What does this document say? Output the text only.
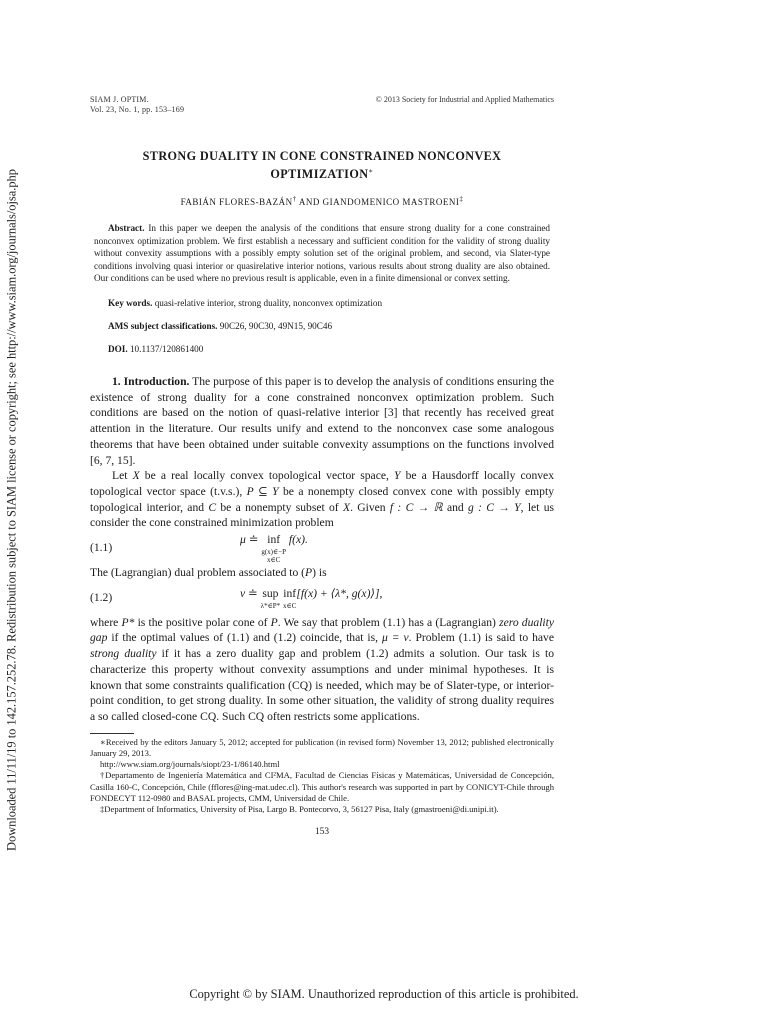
Downloaded 11/11/19 to 142.157.252.78. Redistribution subject to SIAM license or copyright; see http://www.siam.org/journals/ojsa.php
SIAM J. OPTIM.
Vol. 23, No. 1, pp. 153–169
© 2013 Society for Industrial and Applied Mathematics
STRONG DUALITY IN CONE CONSTRAINED NONCONVEX
OPTIMIZATION∗
FABIÁN FLORES-BAZÁN† AND GIANDOMENICO MASTROENI‡
Abstract. In this paper we deepen the analysis of the conditions that ensure strong duality for a cone constrained nonconvex optimization problem. We first establish a necessary and sufficient condition for the validity of strong duality without convexity assumptions with a possibly empty solution set of the original problem, and second, via Slater-type conditions involving quasi interior or quasirelative interior notions, various results about strong duality are also obtained. Our conditions can be used where no previous result is applicable, even in a finite dimensional or convex setting.
Key words. quasi-relative interior, strong duality, nonconvex optimization
AMS subject classifications. 90C26, 90C30, 49N15, 90C46
DOI. 10.1137/120861400

1. Introduction. The purpose of this paper is to develop the analysis of conditions ensuring the existence of strong duality for a cone constrained nonconvex optimization problem. Such conditions are based on the notion of quasi-relative interior [3] that recently has received great attention in the literature. Our results unify and extend to the nonconvex case some analogous theorems that have been obtained under suitable convexity assumptions on the functions involved [6, 7, 15].

Let X be a real locally convex topological vector space, Y be a Hausdorff locally convex topological vector space (t.v.s.), P ⊆ Y be a nonempty closed convex cone with possibly empty topological interior, and C be a nonempty subset of X. Given f : C → ℝ and g : C → Y, let us consider the cone constrained minimization problem

(1.1)
μ ≐ inf
g(x)∈−P
x∈C
f(x).

The (Lagrangian) dual problem associated to (P) is

(1.2)	ν ≐ sup
λ*∈P*
inf
x∈C
[f(x) + ⟨λ*, g(x)⟩],

where P* is the positive polar cone of P. We say that problem (1.1) has a (Lagrangian) zero duality gap if the optimal values of (1.1) and (1.2) coincide, that is, μ = ν. Problem (1.1) is said to have strong duality if it has a zero duality gap and problem (1.2) admits a solution. Our task is to characterize this property without convexity assumptions and under minimal hypotheses. It is known that some constraints qualification (CQ) is needed, which may be of Slater-type, or interior-point condition, to get strong duality. In some other situation, the validity of strong duality requires a so called closed-cone CQ. Such CQ often restricts some applications.

∗Received by the editors January 5, 2012; accepted for publication (in revised form) November 13, 2012; published electronically January 29, 2013.
http://www.siam.org/journals/siopt/23-1/86140.html
†Departamento de Ingeniería Matemática and CI²MA, Facultad de Ciencias Físicas y Matemáticas, Universidad de Concepción, Casilla 160-C, Concepción, Chile (fflores@ing-mat.udec.cl). This author's research was supported in part by CONICYT-Chile through FONDECYT 112-0980 and BASAL projects, CMM, Universidad de Chile.
‡Department of Informatics, University of Pisa, Largo B. Pontecorvo, 3, 56127 Pisa, Italy (gmastroeni@di.unipi.it).
153
Copyright © by SIAM. Unauthorized reproduction of this article is prohibited.
